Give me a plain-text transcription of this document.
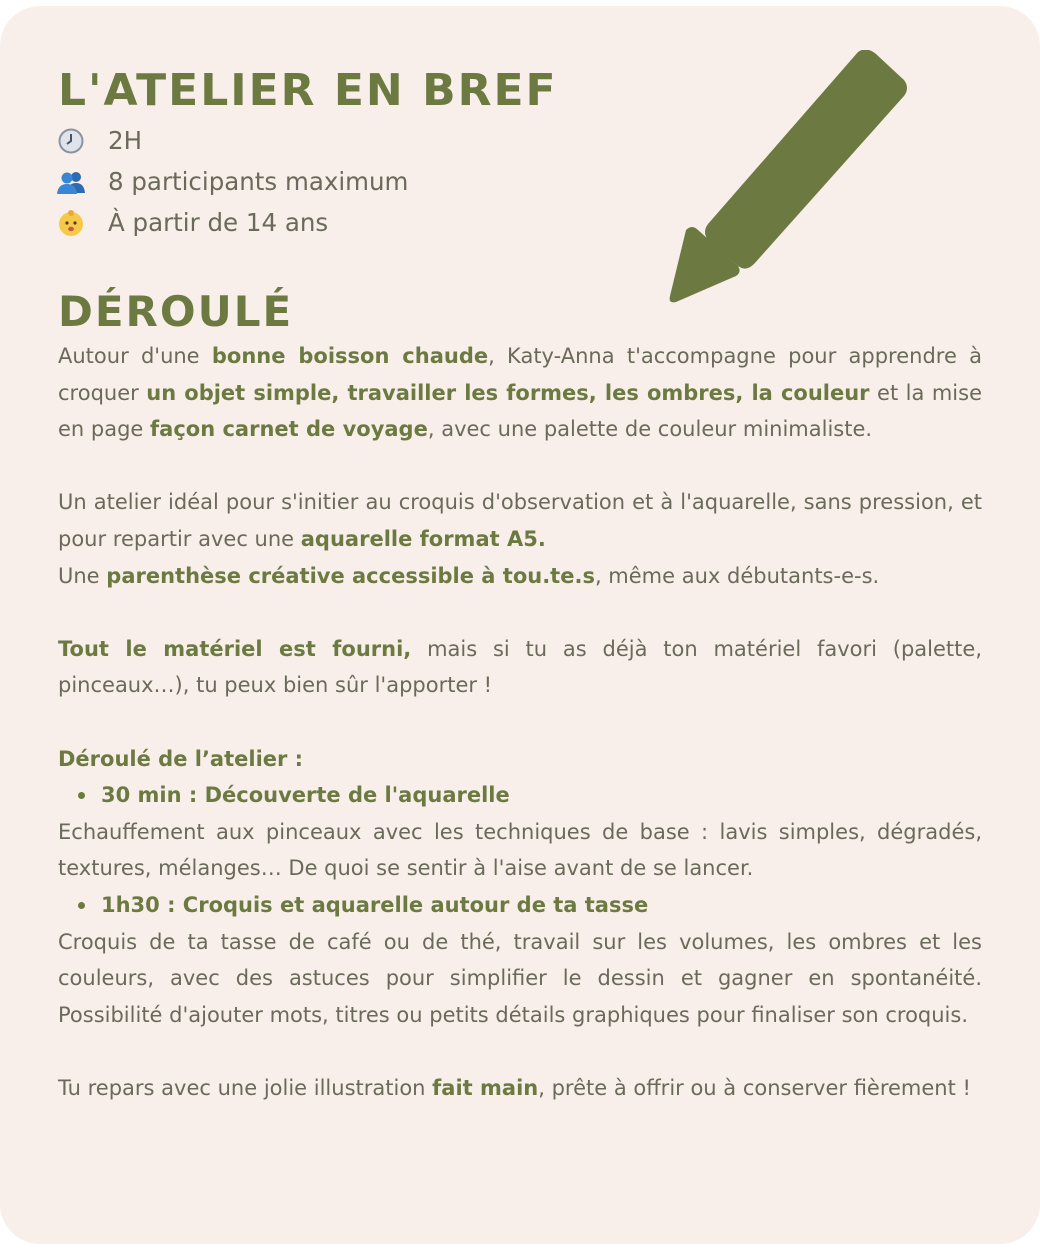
L'ATELIER EN BREF
2H
8 participants maximum
À partir de 14 ans
DÉROULÉ

Autour d'une bonne boisson chaude, Katy-Anna t'accompagne pour apprendre à croquer un objet simple, travailler les formes, les ombres, la couleur et la mise en page façon carnet de voyage, avec une palette de couleur minimaliste.

Un atelier idéal pour s'initier au croquis d'observation et à l'aquarelle, sans pression, et pour repartir avec une aquarelle format A5.

Une parenthèse créative accessible à tou.te.s, même aux débutants-e-s.

Tout le matériel est fourni, mais si tu as déjà ton matériel favori (palette, pinceaux…), tu peux bien sûr l'apporter !

Déroulé de l’atelier :

30 min : Découverte de l'aquarelle

Echauffement aux pinceaux avec les techniques de base : lavis simples, dégradés, textures, mélanges… De quoi se sentir à l'aise avant de se lancer.

1h30 : Croquis et aquarelle autour de ta tasse

Croquis de ta tasse de café ou de thé, travail sur les volumes, les ombres et les couleurs, avec des astuces pour simplifier le dessin et gagner en spontanéité. Possibilité d'ajouter mots, titres ou petits détails graphiques pour finaliser son croquis.

Tu repars avec une jolie illustration fait main, prête à offrir ou à conserver fièrement !
